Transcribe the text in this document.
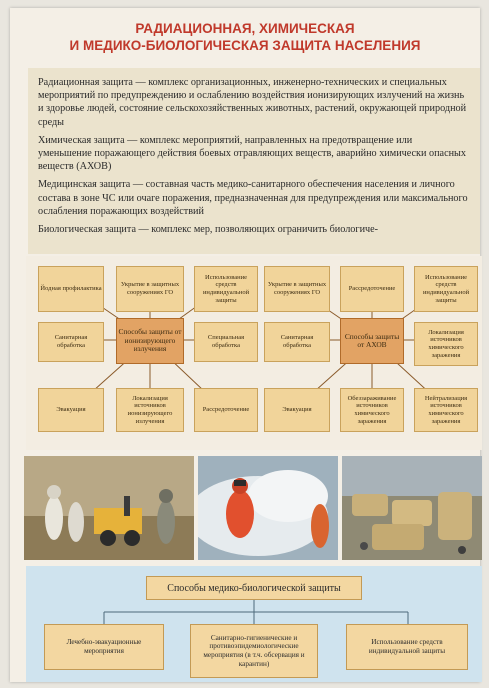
РАДИАЦИОННАЯ, ХИМИЧЕСКАЯ
И МЕДИКО-БИОЛОГИЧЕСКАЯ ЗАЩИТА НАСЕЛЕНИЯ

Радиационная защита — комплекс организационных, инженерно-технических и специальных мероприятий по предупреждению и ослаблению воздействия ионизирующих излучений на жизнь и здоровье людей, состояние сельскохозяйственных животных, растений, окружающей природной среды

Химическая защита — комплекс мероприятий, направленных на предотвращение или уменьшение поражающего действия боевых отравляющих веществ, аварийно химически опасных веществ (АХОВ)

Медицинская защита — составная часть медико-санитарного обеспечения населения и личного состава в зоне ЧС или очаге поражения, предназначенная для предупреждения или максимального ослабления поражающих воздействий

Биологическая защита — комплекс мер, позволяющих ограничить биологиче-

Йодная профилактика
Укрытие в защитных сооружениях ГО
Использование средств индивидуальной защиты
Санитарная обработка
Способы защиты от ионизирующего излучения
Специальная обработка
Эвакуация
Локализация источников ионизирующего излучения
Рассредоточение
Укрытие в защитных сооружениях ГО
Рассредоточение
Использование средств индивидуальной защиты
Санитарная обработка
Способы защиты от АХОВ
Локализация источников химического заражения
Эвакуация
Обеззараживание источников химического заражения
Нейтрализация источников химического заражения
Способы медико-биологической защиты
Лечебно-эвакуационные мероприятия
Санитарно-гигиенические и противоэпидемиологические мероприятия (в т.ч. обсервация и карантин)
Использование средств индивидуальной защиты
